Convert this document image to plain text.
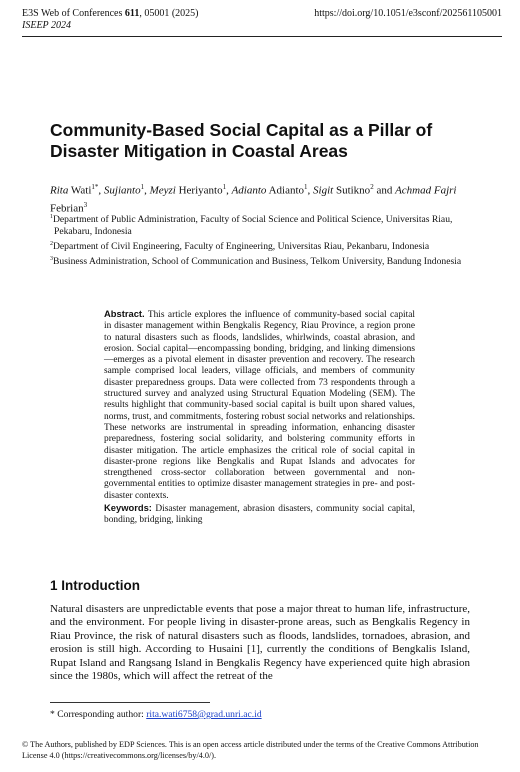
E3S Web of Conferences 611, 05001 (2025)
ISEEP 2024
https://doi.org/10.1051/e3sconf/202561105001
Community-Based Social Capital as a Pillar of Disaster Mitigation in Coastal Areas
Rita Wati$^{1*}$, Sujianto$^1$, Meyzi Heriyanto$^1$, Adianto Adianto$^1$, Sigit Sutikno$^2$ and Achmad Fajri Febrian$^3$
$^1$Department of Public Administration, Faculty of Social Science and Political Science, Universitas Riau, Pekabaru, Indonesia
$^2$Department of Civil Engineering, Faculty of Engineering, Universitas Riau, Pekanbaru, Indonesia
$^3$Business Administration, School of Communication and Business, Telkom University, Bandung Indonesia
Abstract. This article explores the influence of community-based social capital in disaster management within Bengkalis Regency, Riau Province, a region prone to natural disasters such as floods, landslides, whirlwinds, coastal abrasion, and erosion. Social capital—encompassing bonding, bridging, and linking dimensions—emerges as a pivotal element in disaster prevention and recovery. The research sample comprised local leaders, village officials, and members of community disaster preparedness groups. Data were collected from 73 respondents through a structured survey and analyzed using Structural Equation Modeling (SEM). The results highlight that community-based social capital is built upon shared values, norms, trust, and commitments, fostering robust social networks and relationships. These networks are instrumental in spreading information, enhancing disaster preparedness, fostering social solidarity, and bolstering community efforts in disaster mitigation. The article emphasizes the critical role of social capital in disaster-prone regions like Bengkalis and Rupat Islands and advocates for strengthened cross-sector collaboration between governmental and non-governmental entities to optimize disaster management strategies in pre- and post-disaster contexts.
Keywords: Disaster management, abrasion disasters, community social capital, bonding, bridging, linking
1 Introduction

Natural disasters are unpredictable events that pose a major threat to human life, infrastructure, and the environment. For people living in disaster-prone areas, such as Bengkalis Regency in Riau Province, the risk of natural disasters such as floods, landslides, tornadoes, abrasion, and erosion is still high. According to Husaini [1], currently the conditions of Bengkalis Island, Rupat Island and Rangsang Island in Bengkalis Regency have experienced quite high abrasion since the 1980s, which will affect the retreat of the

* Corresponding author: rita.wati6758@grad.unri.ac.id
© The Authors, published by EDP Sciences. This is an open access article distributed under the terms of the Creative Commons Attribution License 4.0 (https://creativecommons.org/licenses/by/4.0/).
